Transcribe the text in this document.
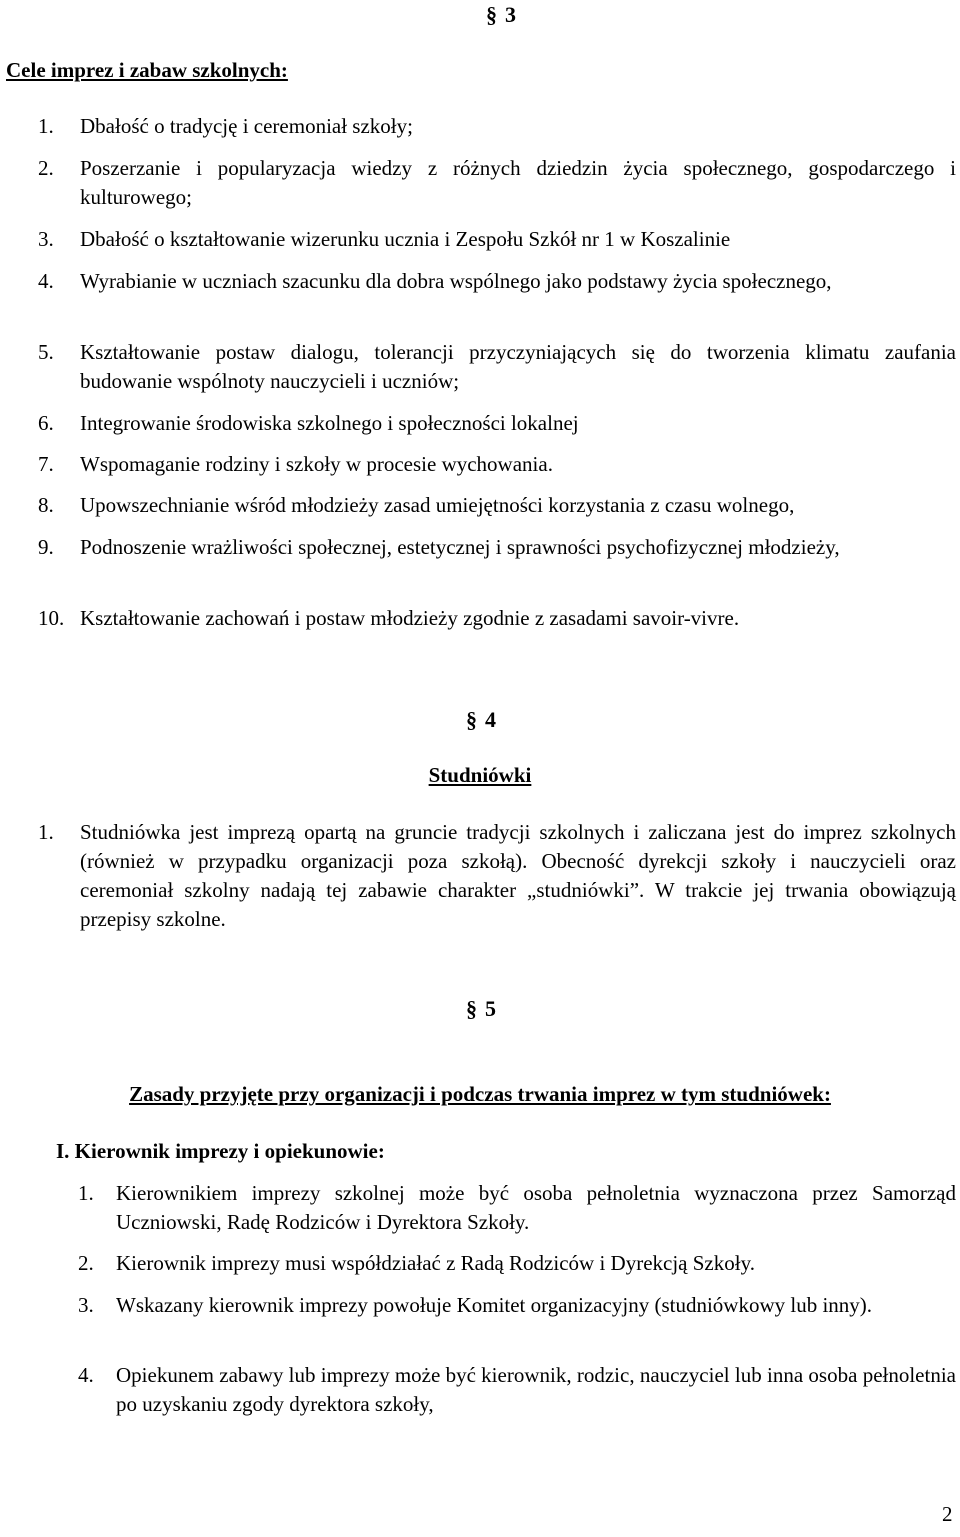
§ 3
Cele imprez i zabaw szkolnych:
1.	Dbałość o tradycję i ceremoniał szkoły;
2.	Poszerzanie i popularyzacja wiedzy z różnych dziedzin życia społecznego, gospodarczego i kulturowego;
3.	Dbałość o kształtowanie wizerunku ucznia i Zespołu Szkół nr 1 w Koszalinie
4.	Wyrabianie w uczniach szacunku dla dobra wspólnego jako podstawy życia społecznego,
5.	Kształtowanie postaw dialogu, tolerancji przyczyniających się do tworzenia klimatu zaufania budowanie wspólnoty nauczycieli i uczniów;
6.	Integrowanie środowiska szkolnego i społeczności lokalnej
7.	Wspomaganie rodziny i szkoły w procesie wychowania.
8.	Upowszechnianie wśród młodzieży zasad umiejętności korzystania z czasu wolnego,
9.	Podnoszenie wrażliwości społecznej, estetycznej i sprawności psychofizycznej młodzieży,
10. Kształtowanie zachowań i postaw młodzieży zgodnie z zasadami savoir-vivre.
§ 4
Studniówki
1.	Studniówka jest imprezą opartą na gruncie tradycji szkolnych i zaliczana jest do imprez szkolnych (również w przypadku organizacji poza szkołą). Obecność dyrekcji szkoły i nauczycieli oraz ceremoniał szkolny nadają tej zabawie charakter „studniówki”. W trakcie jej trwania obowiązują przepisy szkolne.
§ 5
Zasady przyjęte przy organizacji i podczas trwania imprez w tym studniówek:
I. Kierownik imprezy i opiekunowie:
1.	Kierownikiem imprezy szkolnej może być osoba pełnoletnia wyznaczona przez Samorząd Uczniowski, Radę Rodziców i Dyrektora Szkoły.
2.	Kierownik imprezy musi współdziałać z Radą Rodziców i Dyrekcją Szkoły.
3.	Wskazany kierownik imprezy powołuje Komitet organizacyjny (studniówkowy lub inny).
4.	Opiekunem zabawy lub imprezy może być kierownik, rodzic, nauczyciel lub inna osoba pełnoletnia po uzyskaniu zgody dyrektora szkoły,
2
